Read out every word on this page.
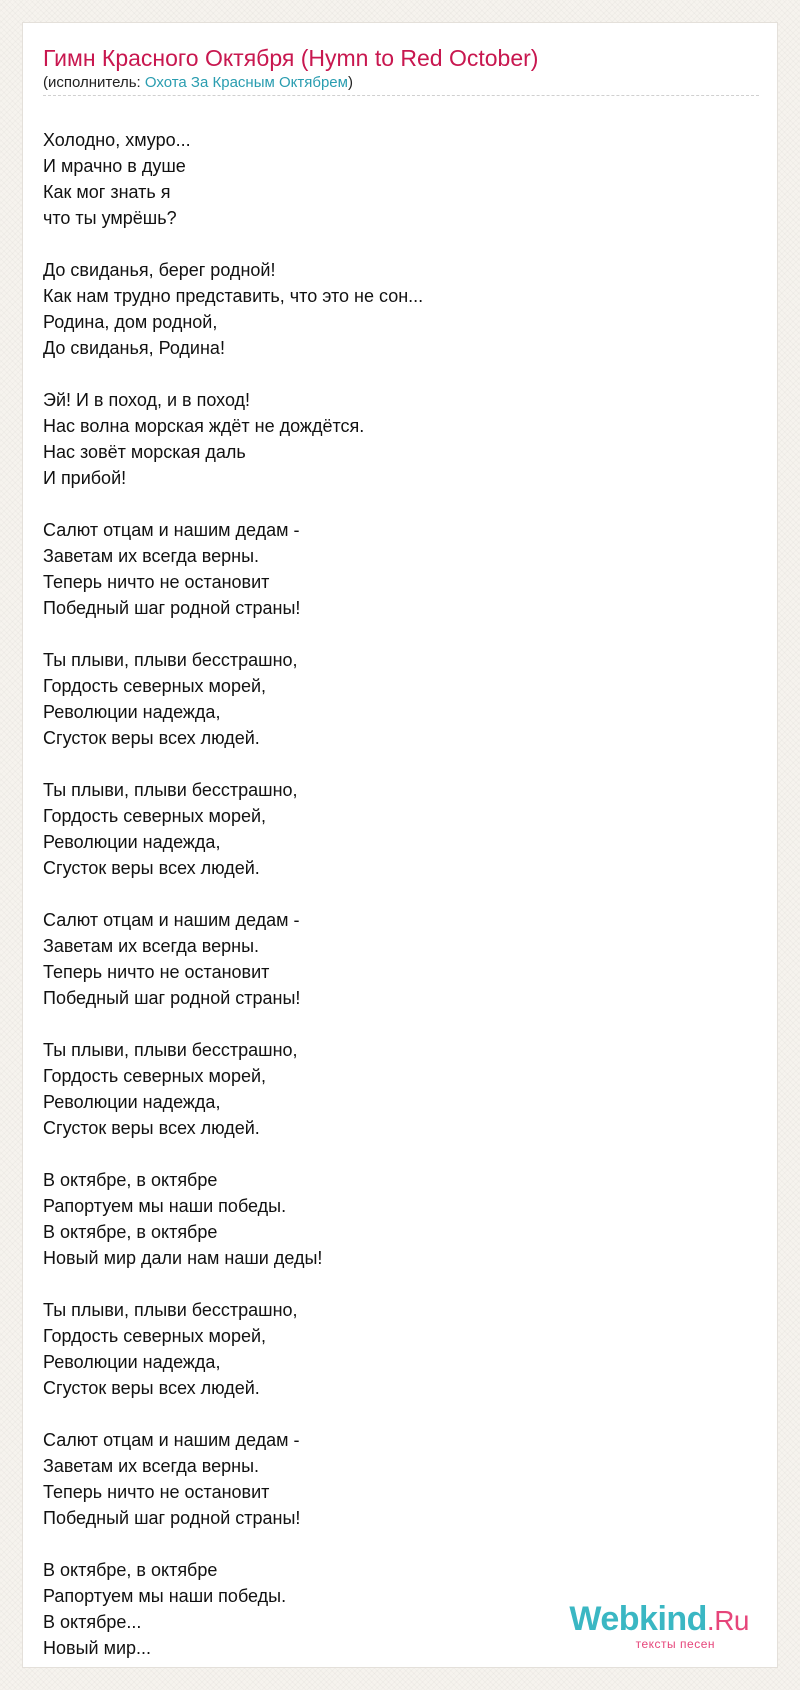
Гимн Красного Октября (Hymn to Red October)
(исполнитель: Охота За Красным Октябрем)
Холодно, хмуро...
И мрачно в душе
Как мог знать я
что ты умрёшь?
До свиданья, берег родной!
Как нам трудно представить, что это не сон...
Родина, дом родной,
До свиданья, Родина!
Эй! И в поход, и в поход!
Нас волна морская ждёт не дождётся.
Нас зовёт морская даль
И прибой!
Салют отцам и нашим дедам -
Заветам их всегда верны.
Теперь ничто не остановит
Победный шаг родной страны!
Ты плыви, плыви бесстрашно,
Гордость северных морей,
Революции надежда,
Сгусток веры всех людей.
Ты плыви, плыви бесстрашно,
Гордость северных морей,
Революции надежда,
Сгусток веры всех людей.
Салют отцам и нашим дедам -
Заветам их всегда верны.
Теперь ничто не остановит
Победный шаг родной страны!
Ты плыви, плыви бесстрашно,
Гордость северных морей,
Революции надежда,
Сгусток веры всех людей.
В октябре, в октябре
Рапортуем мы наши победы.
В октябре, в октябре
Новый мир дали нам наши деды!
Ты плыви, плыви бесстрашно,
Гордость северных морей,
Революции надежда,
Сгусток веры всех людей.
Салют отцам и нашим дедам -
Заветам их всегда верны.
Теперь ничто не остановит
Победный шаг родной страны!
В октябре, в октябре
Рапортуем мы наши победы.
В октябре...
Новый мир...
Webkind.Ru
тексты песен
